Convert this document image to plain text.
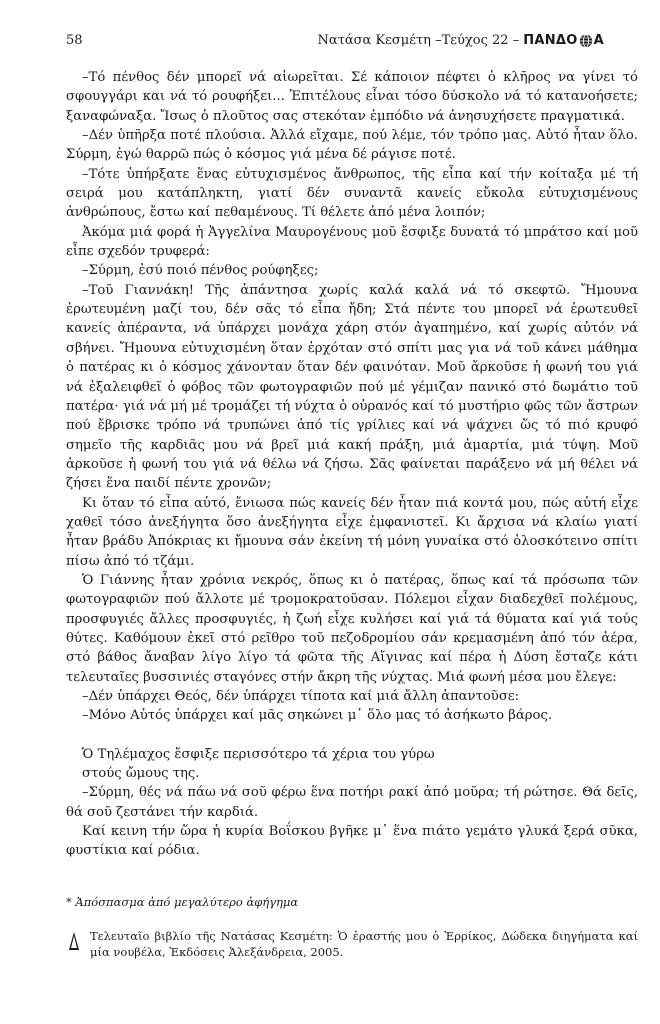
58	Νατάσα Κεσμέτη –Τεύχος 22 – ΠΑΝΔΟ Α

–Τό πένθος δέν μπορεῖ νά αἰωρεῖται. Σέ κάποιον πέφτει ὁ κλῆρος να γίνει τό σφουγγάρι και νά τό ρουφήξει... Ἐπιτέλους εἶναι τόσο δύσκολο νά τό κατανοήσετε; ξαναφώναξα. Ἴσως ὁ πλοῦτος σας στεκόταν ἐμπόδιο νά ἀνησυχήσετε πραγματικά.

–Δέν ὑπῆρξα ποτέ πλούσια. Ἀλλά εἴχαμε, πού λέμε, τόν τρόπο μας. Αὐτό ἦταν ὅλο. Σύρμη, ἐγώ θαρρῶ πώς ὁ κόσμος γιά μένα δέ ράγισε ποτέ.

–Τότε ὑπήρξατε ἕνας εὐτυχισμένος ἄνθρωπος, τῆς εἶπα καί τήν κοίταξα μέ τή σειρά μου κατάπληκτη, γιατί δέν συναντᾶ κανείς εὔκολα εὐτυχισμένους ἀνθρώπους, ἔστω καί πεθαμένους. Τί θέλετε ἀπό μένα λοιπόν;

Ἀκόμα μιά φορά ἡ Ἀγγελίνα Μαυρογένους μοῦ ἔσφιξε δυνατά τό μπράτσο καί μοῦ εἶπε σχεδόν τρυφερά:

–Σύρμη, ἐσύ ποιό πένθος ρούφηξες;

–Τοῦ Γιαννάκη! Τῆς ἀπάντησα χωρίς καλά καλά νά τό σκεφτῶ. Ἤμουνα ἐρωτευμένη μαζί του, δέν σᾶς τό εἶπα ἤδη; Στά πέντε του μπορεῖ νά ἐρωτευθεῖ κανείς ἀπέραντα, νά ὑπάρχει μονάχα χάρη στόν ἀγαπημένο, καί χωρίς αὐτόν νά σβήνει. Ἤμουνα εὐτυχισμένη ὅταν ἐρχόταν στό σπίτι μας για νά τοῦ κάνει μάθημα ὁ πατέρας κι ὁ κόσμος χάνονταν ὅταν δέν φαινόταν. Μοῦ ἄρκοῦσε ἡ φωνή του γιά νά ἐξαλειφθεῖ ὁ φόβος τῶν φωτογραφιῶν πού μέ γέμιζαν πανικό στό δωμάτιο τοῦ πατέρα· γιά νά μή μέ τρομάζει τή νύχτα ὁ οὐρανός καί τό μυστήριο φῶς τῶν ἄστρων πού ἔβρισκε τρόπο νά τρυπώνει ἀπό τίς γρίλιες καί νά ψάχνει ὥς τό πιό κρυφό σημεῖο τῆς καρδιᾶς μου νά βρεῖ μιά κακή πράξη, μιά ἁμαρτία, μιά τύψη. Μοῦ ἀρκοῦσε ἡ φωνή του γιά νά θέλω νά ζήσω. Σᾶς φαίνεται παράξενο νά μή θέλει νά ζήσει ἕνα παιδί πέντε χρονῶν;

Κι ὅταν τό εἶπα αὐτό, ἔνιωσα πώς κανείς δέν ἦταν πιά κοντά μου, πώς αὐτή εἶχε χαθεῖ τόσο ἀνεξήγητα ὅσο ἀνεξήγητα εἶχε ἐμφανιστεῖ. Κι ἄρχισα νά κλαίω γιατί ἦταν βράδυ Ἀπόκριας κι ἤμουνα σάν ἐκείνη τή μόνη γυναίκα στό ὁλοσκότεινο σπίτι πίσω ἀπό τό τζάμι.

Ὁ Γιάννης ἦταν χρόνια νεκρός, ὅπως κι ὁ πατέρας, ὅπως καί τά πρόσωπα τῶν φωτογραφιῶν πού ἄλλοτε μέ τρομοκρατοῦσαν. Πόλεμοι εἶχαν διαδεχθεῖ πολέμους, προσφυγιές ἄλλες προσφυγιές, ἡ ζωή εἶχε κυλήσει καί γιά τά θύματα καί γιά τούς θύτες. Καθόμουν ἐκεῖ στό ρεῖθρο τοῦ πεζοδρομίου σάν κρεμασμένη ἀπό τόν ἀέρα, στό βάθος ἄναβαν λίγο λίγο τά φῶτα τῆς Αἴγινας καί πέρα ἡ Δύση ἔσταζε κάτι τελευταῖες βυσσινιές σταγόνες στήν ἄκρη τῆς νύχτας. Μιά φωνή μέσα μου ἔλεγε:

–Δέν ὑπάρχει Θεός, δέν ὑπάρχει τίποτα καί μιά ἄλλη ἀπαντοῦσε:

–Μόνο Αὐτός ὑπάρχει καί μᾶς σηκώνει μ᾽ ὅλο μας τό ἀσήκωτο βάρος.

Ὁ Τηλέμαχος ἔσφιξε περισσότερο τά χέρια του γύρω

στούς ὤμους της.

–Σύρμη, θές νά πάω νά σοῦ φέρω ἕνα ποτήρι ρακί ἀπό μοῦρα; τή ρώτησε. Θά δεῖς, θά σοῦ ζεστάνει τήν καρδιά.

Καί κεινη τήν ὥρα ἡ κυρία Βοΐσκου βγῆκε μ᾽ ἕνα πιάτο γεμάτο γλυκά ξερά σῦκα, φυστίκια καί ρόδια.

* Ἀπόσπασμα ἀπό μεγαλύτερο ἀφήγημα
Τελευταῖο βιβλίο τῆς Νατάσας Κεσμέτη: Ὁ ἐραστής μου ὁ Ἐρρίκος, Δώδεκα διηγήματα καί μία νουβέλα, Ἐκδόσεις Ἀλεξάνδρεια, 2005.
